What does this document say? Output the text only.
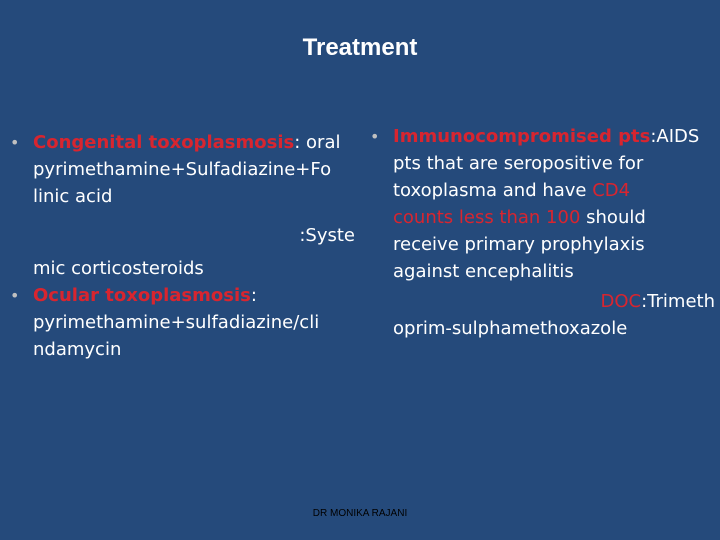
Treatment
• Congenital toxoplasmosis: oral
pyrimethamine+Sulfadiazine+Fo
linic acid
:Syste
mic corticosteroids
• Ocular toxoplasmosis:
pyrimethamine+sulfadiazine/cli
ndamycin
• Immunocompromised pts:AIDS
pts that are seropositive for
toxoplasma and have CD4
counts less than 100 should
receive primary prophylaxis
against encephalitis
DOC:Trimeth
oprim-sulphamethoxazole
DR MONIKA RAJANI
